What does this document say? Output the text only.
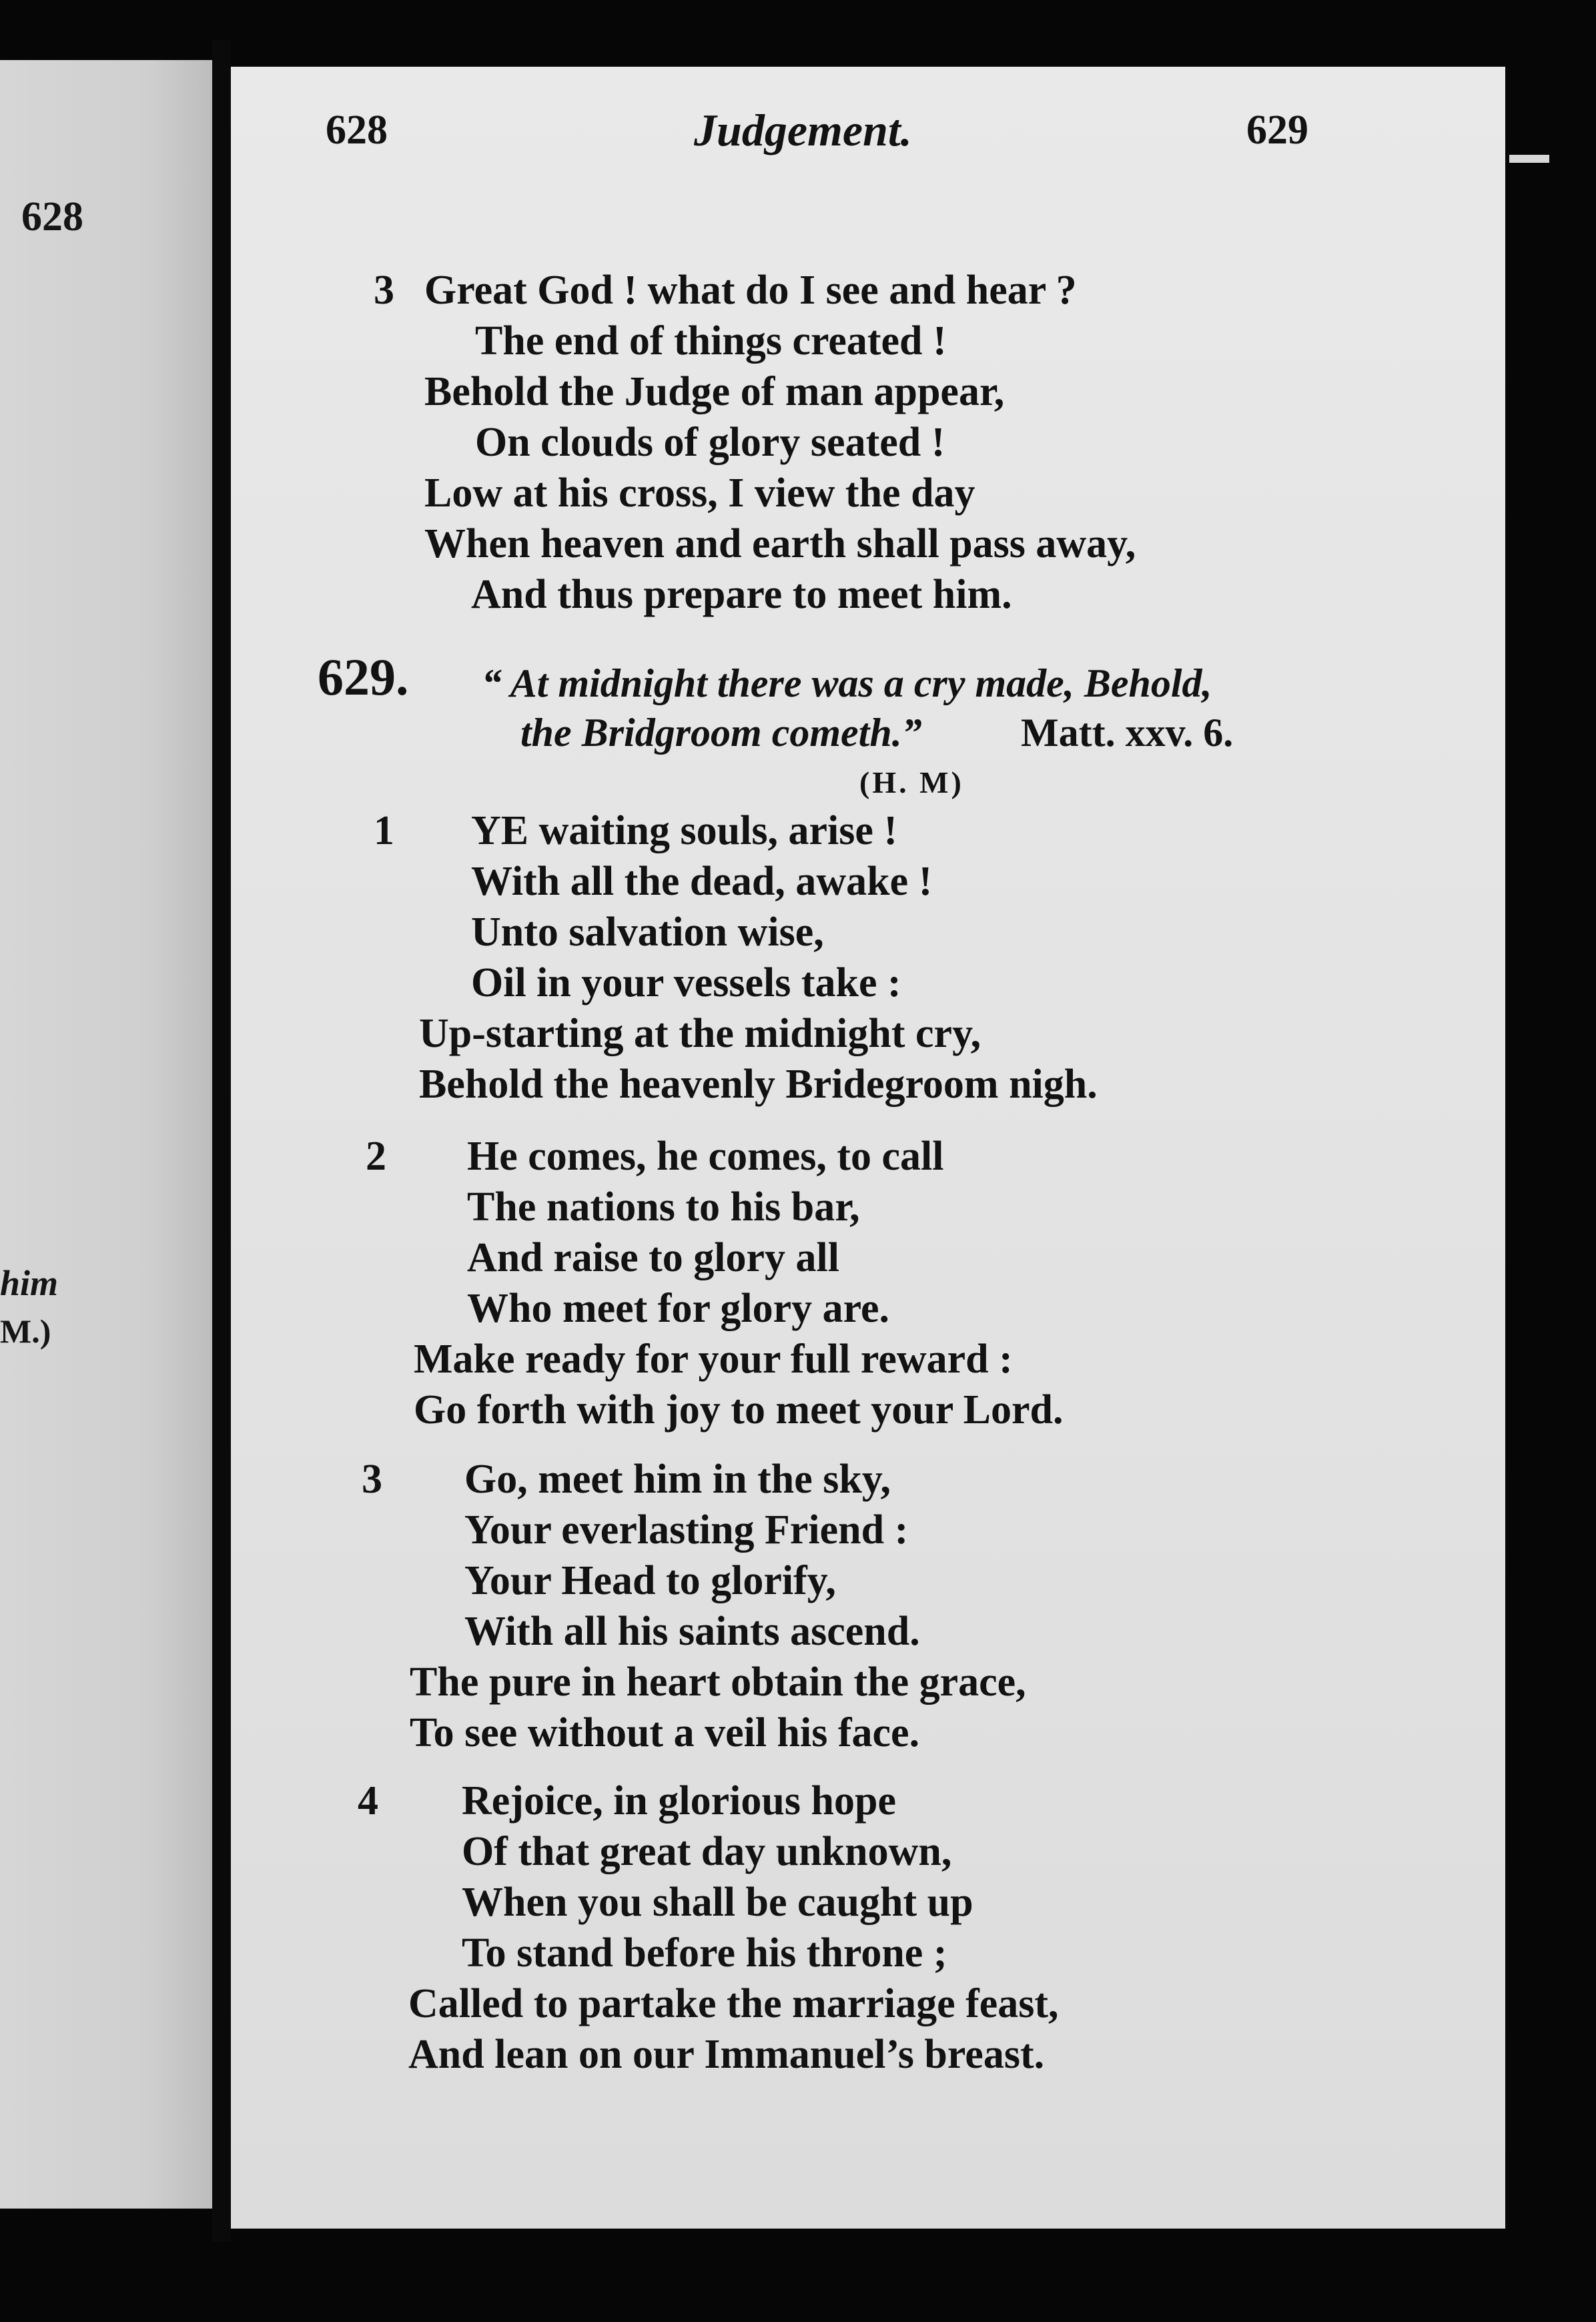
628
him
M.)
628	Judgement.	629
3 Great God ! what do I see and hear ?
The end of things created !
Behold the Judge of man appear,
On clouds of glory seated !
Low at his cross, I view the day
When heaven and earth shall pass away,
And thus prepare to meet him.
629. “ At midnight there was a cry made, Behold,
the Bridgroom cometh.” Matt. xxv. 6.
(H. M)
1 YE waiting souls, arise !
With all the dead, awake !
Unto salvation wise,
Oil in your vessels take :
Up-starting at the midnight cry,
Behold the heavenly Bridegroom nigh.
2 He comes, he comes, to call
The nations to his bar,
And raise to glory all
Who meet for glory are.
Make ready for your full reward :
Go forth with joy to meet your Lord.
3 Go, meet him in the sky,
Your everlasting Friend :
Your Head to glorify,
With all his saints ascend.
The pure in heart obtain the grace,
To see without a veil his face.
4 Rejoice, in glorious hope
Of that great day unknown,
When you shall be caught up
To stand before his throne ;
Called to partake the marriage feast,
And lean on our Immanuel’s breast.
